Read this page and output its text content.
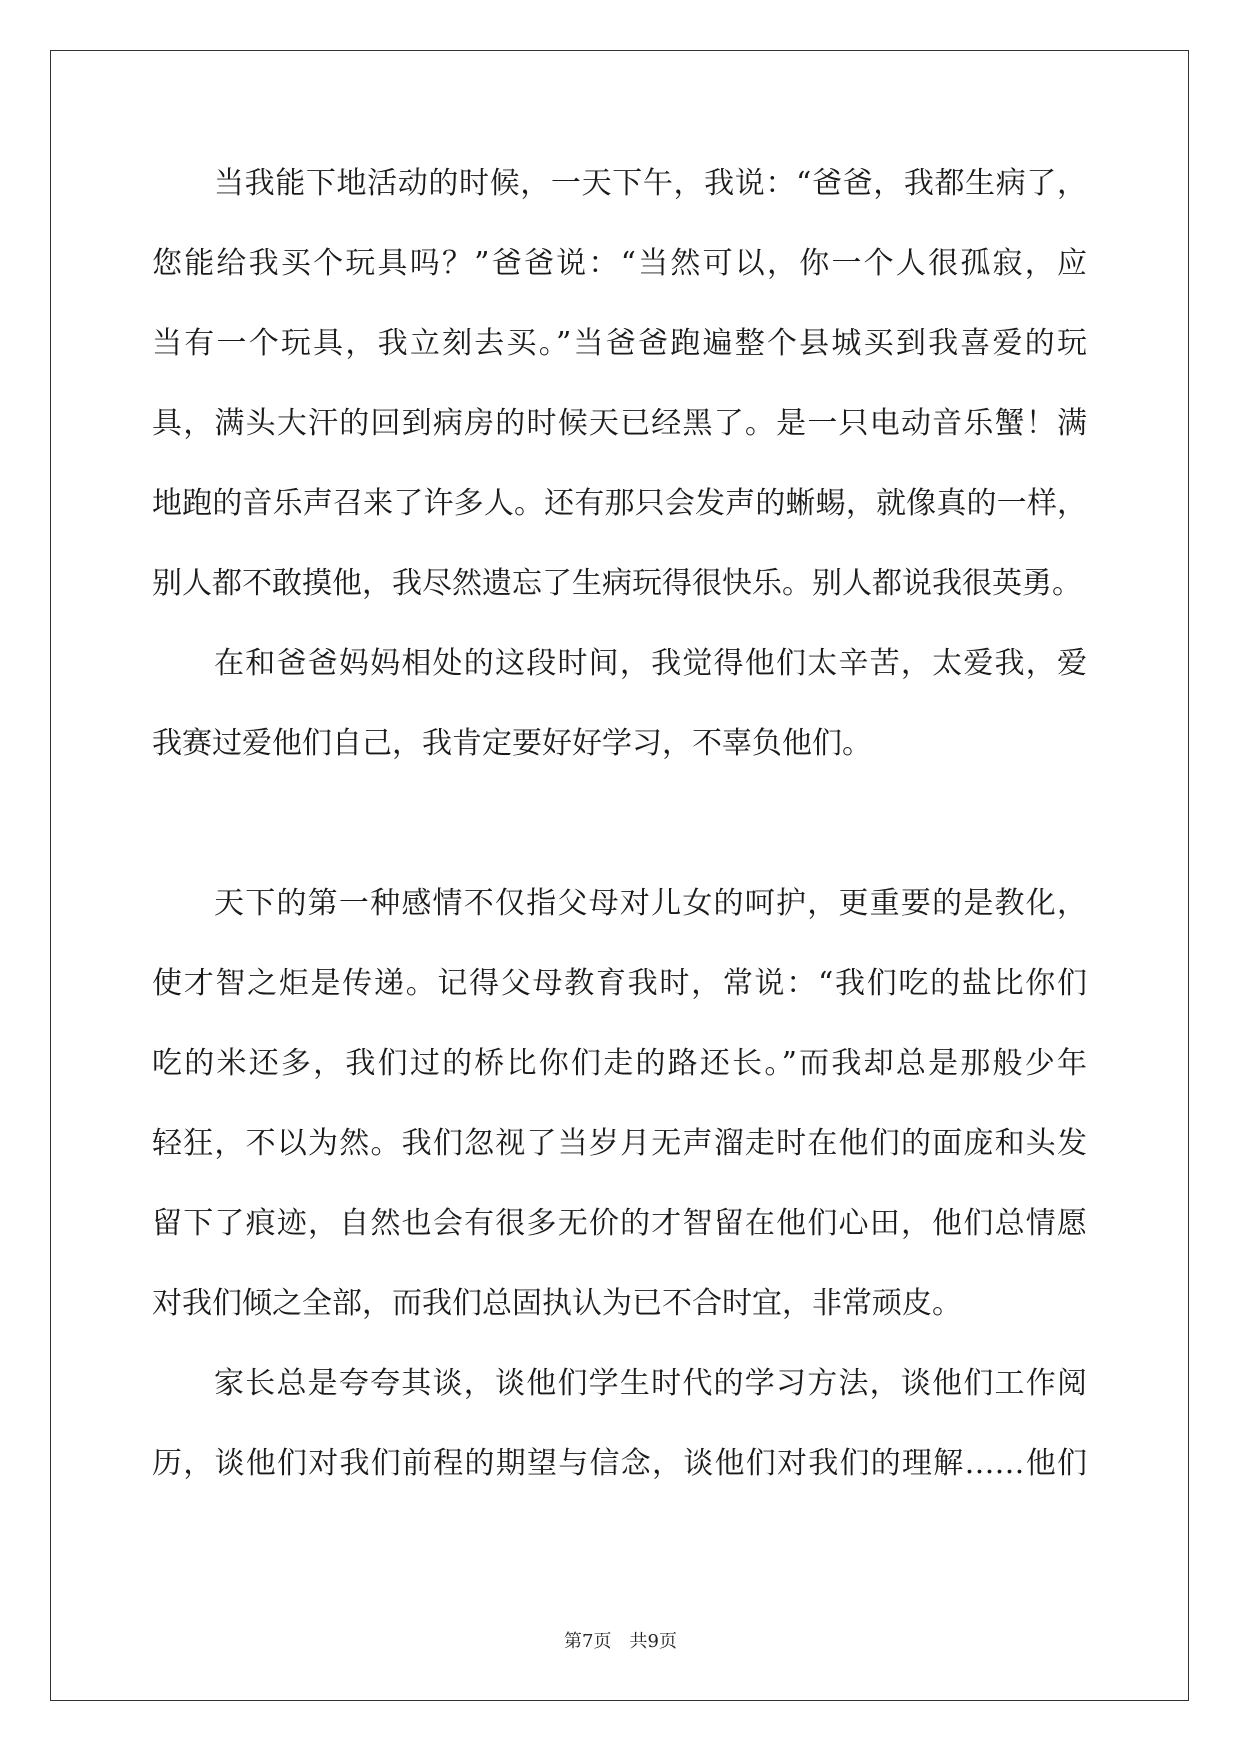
当我能下地活动的时候，一天下午，我说：“爸爸，我都生病了，
您能给我买个玩具吗？”爸爸说：“当然可以，你一个人很孤寂，应
当有一个玩具，我立刻去买。”当爸爸跑遍整个县城买到我喜爱的玩
具，满头大汗的回到病房的时候天已经黑了。是一只电动音乐蟹！满
地跑的音乐声召来了许多人。还有那只会发声的蜥蜴，就像真的一样，
别人都不敢摸他，我尽然遗忘了生病玩得很快乐。别人都说我很英勇。
在和爸爸妈妈相处的这段时间，我觉得他们太辛苦，太爱我，爱
我赛过爱他们自己，我肯定要好好学习，不辜负他们。
天下的第一种感情不仅指父母对儿女的呵护，更重要的是教化，
使才智之炬是传递。记得父母教育我时，常说：“我们吃的盐比你们
吃的米还多，我们过的桥比你们走的路还长。”而我却总是那般少年
轻狂，不以为然。我们忽视了当岁月无声溜走时在他们的面庞和头发
留下了痕迹，自然也会有很多无价的才智留在他们心田，他们总情愿
对我们倾之全部，而我们总固执认为已不合时宜，非常顽皮。
家长总是夸夸其谈，谈他们学生时代的学习方法，谈他们工作阅
历，谈他们对我们前程的期望与信念，谈他们对我们的理解……他们
第7页　共9页
